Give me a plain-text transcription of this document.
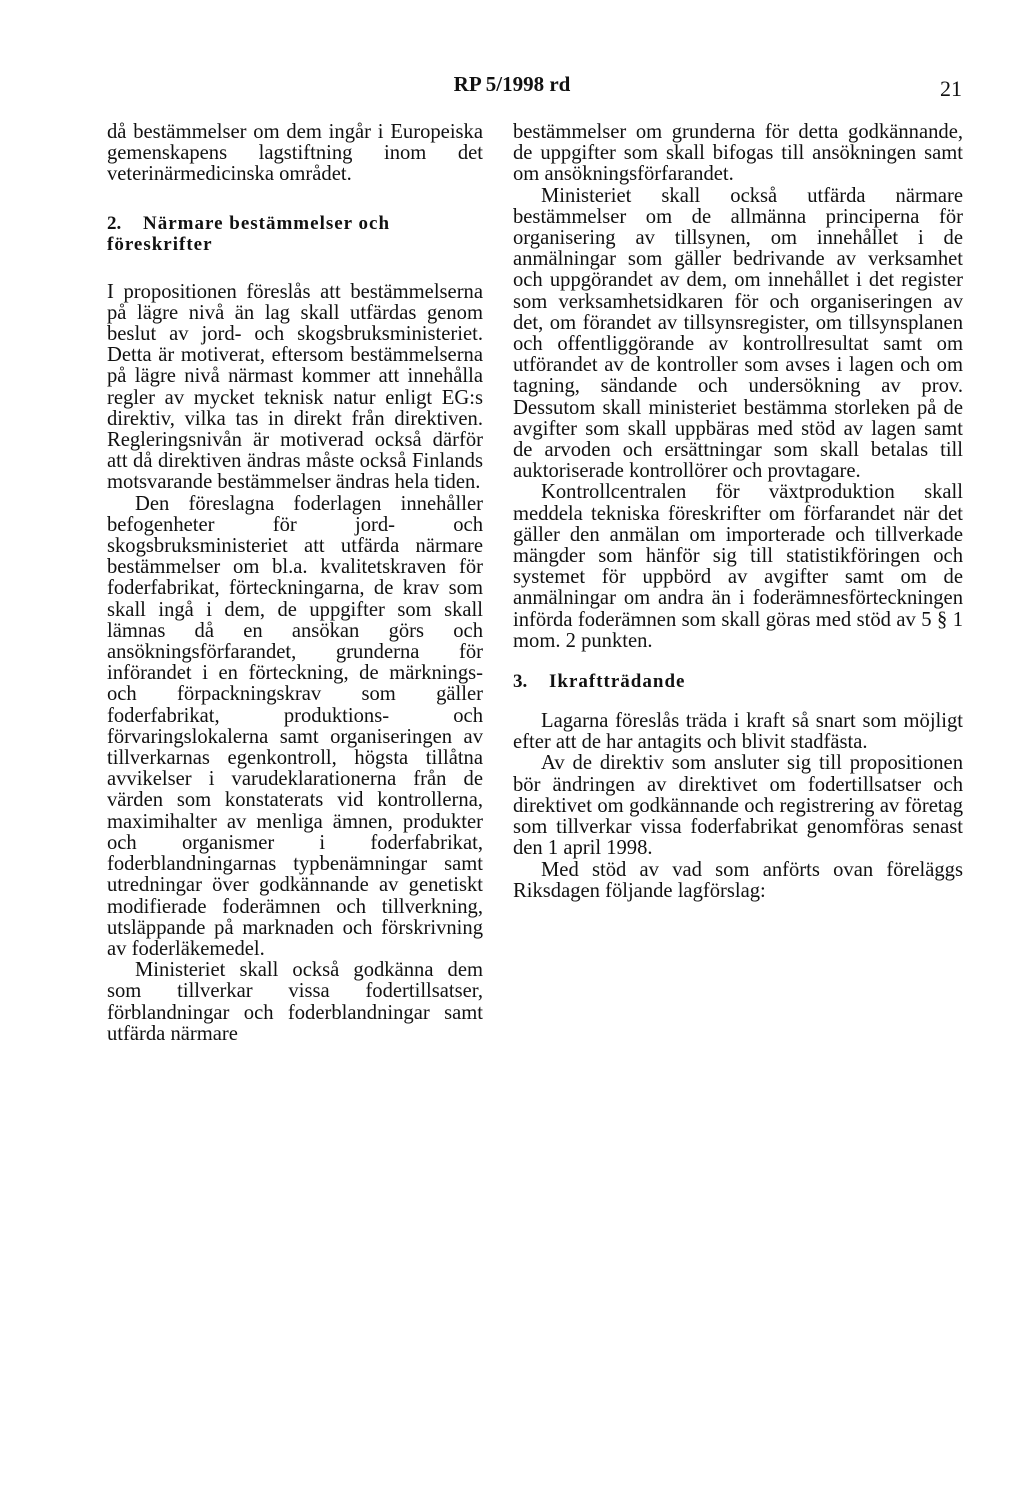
RP 5/1998 rd	21

då bestämmelser om dem ingår i Europeiska gemenskapens lagstiftning inom det veterinärmedicinska området.

2. Närmare bestämmelser och föreskrifter

I propositionen föreslås att bestämmelserna på lägre nivå än lag skall utfärdas genom beslut av jord- och skogsbruksministeriet. Detta är motiverat, eftersom bestämmelserna på lägre nivå närmast kommer att innehålla regler av mycket teknisk natur enligt EG:s direktiv, vilka tas in direkt från direktiven. Regleringsnivån är motiverad också därför att då direktiven ändras måste också Finlands motsvarande bestämmelser ändras hela tiden.

Den föreslagna foderlagen innehåller befogenheter för jord- och skogsbruksministeriet att utfärda närmare bestämmelser om bl.a. kvalitetskraven för foderfabrikat, förteckningarna, de krav som skall ingå i dem, de uppgifter som skall lämnas då en ansökan görs och ansökningsförfarandet, grunderna för införandet i en förteckning, de märknings- och förpackningskrav som gäller foderfabrikat, produktions- och förvaringslokalerna samt organiseringen av tillverkarnas egenkontroll, högsta tillåtna avvikelser i varudeklarationerna från de värden som konstaterats vid kontrollerna, maximihalter av menliga ämnen, produkter och organismer i foderfabrikat, foderblandningarnas typbenämningar samt utredningar över godkännande av genetiskt modifierade foderämnen och tillverkning, utsläppande på marknaden och förskrivning av foderläkemedel.

Ministeriet skall också godkänna dem som tillverkar vissa fodertillsatser, förblandningar och foderblandningar samt utfärda närmare

bestämmelser om grunderna för detta godkännande, de uppgifter som skall bifogas till ansökningen samt om ansökningsförfarandet.

Ministeriet skall också utfärda närmare bestämmelser om de allmänna principerna för organisering av tillsynen, om innehållet i de anmälningar som gäller bedrivande av verksamhet och uppgörandet av dem, om innehållet i det register som verksamhetsidkaren för och organiseringen av det, om förandet av tillsynsregister, om tillsynsplanen och offentliggörande av kontrollresultat samt om utförandet av de kontroller som avses i lagen och om tagning, sändande och undersökning av prov. Dessutom skall ministeriet bestämma storleken på de avgifter som skall uppbäras med stöd av lagen samt de arvoden och ersättningar som skall betalas till auktoriserade kontrollörer och provtagare.

Kontrollcentralen för växtproduktion skall meddela tekniska föreskrifter om förfarandet när det gäller den anmälan om importerade och tillverkade mängder som hänför sig till statistikföringen och systemet för uppbörd av avgifter samt om de anmälningar om andra än i foderämnesförteckningen införda foderämnen som skall göras med stöd av 5 § 1 mom. 2 punkten.

3. Ikraftträdande

Lagarna föreslås träda i kraft så snart som möjligt efter att de har antagits och blivit stadfästa.

Av de direktiv som ansluter sig till propositionen bör ändringen av direktivet om fodertillsatser och direktivet om godkännande och registrering av företag som tillverkar vissa foderfabrikat genomföras senast den 1 april 1998.

Med stöd av vad som anförts ovan föreläggs Riksdagen följande lagförslag:
